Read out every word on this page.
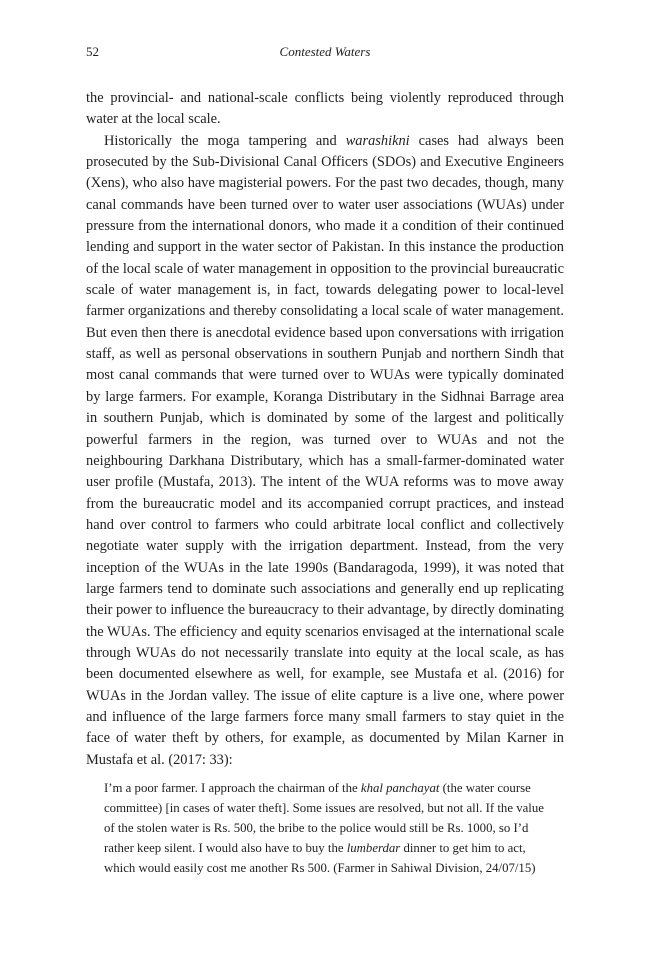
52	Contested Waters

the provincial- and national-scale conflicts being violently reproduced through water at the local scale.

Historically the moga tampering and warashikni cases had always been prosecuted by the Sub-Divisional Canal Officers (SDOs) and Executive Engineers (Xens), who also have magisterial powers. For the past two decades, though, many canal commands have been turned over to water user associations (WUAs) under pressure from the international donors, who made it a condition of their continued lending and support in the water sector of Pakistan. In this instance the production of the local scale of water management in opposition to the provincial bureaucratic scale of water management is, in fact, towards delegating power to local-level farmer organizations and thereby consolidating a local scale of water management. But even then there is anecdotal evidence based upon conversations with irrigation staff, as well as personal observations in southern Punjab and northern Sindh that most canal commands that were turned over to WUAs were typically dominated by large farmers. For example, Koranga Distributary in the Sidhnai Barrage area in southern Punjab, which is dominated by some of the largest and politically powerful farmers in the region, was turned over to WUAs and not the neighbouring Darkhana Distributary, which has a small-farmer-dominated water user profile (Mustafa, 2013). The intent of the WUA reforms was to move away from the bureaucratic model and its accompanied corrupt practices, and instead hand over control to farmers who could arbitrate local conflict and collectively negotiate water supply with the irrigation department. Instead, from the very inception of the WUAs in the late 1990s (Bandaragoda, 1999), it was noted that large farmers tend to dominate such associations and generally end up replicating their power to influence the bureaucracy to their advantage, by directly dominating the WUAs. The efficiency and equity scenarios envisaged at the international scale through WUAs do not necessarily translate into equity at the local scale, as has been documented elsewhere as well, for example, see Mustafa et al. (2016) for WUAs in the Jordan valley. The issue of elite capture is a live one, where power and influence of the large farmers force many small farmers to stay quiet in the face of water theft by others, for example, as documented by Milan Karner in Mustafa et al. (2017: 33):

I’m a poor farmer. I approach the chairman of the khal panchayat (the water course committee) [in cases of water theft]. Some issues are resolved, but not all. If the value of the stolen water is Rs. 500, the bribe to the police would still be Rs. 1000, so I’d rather keep silent. I would also have to buy the lumberdar dinner to get him to act, which would easily cost me another Rs 500. (Farmer in Sahiwal Division, 24/07/15)
